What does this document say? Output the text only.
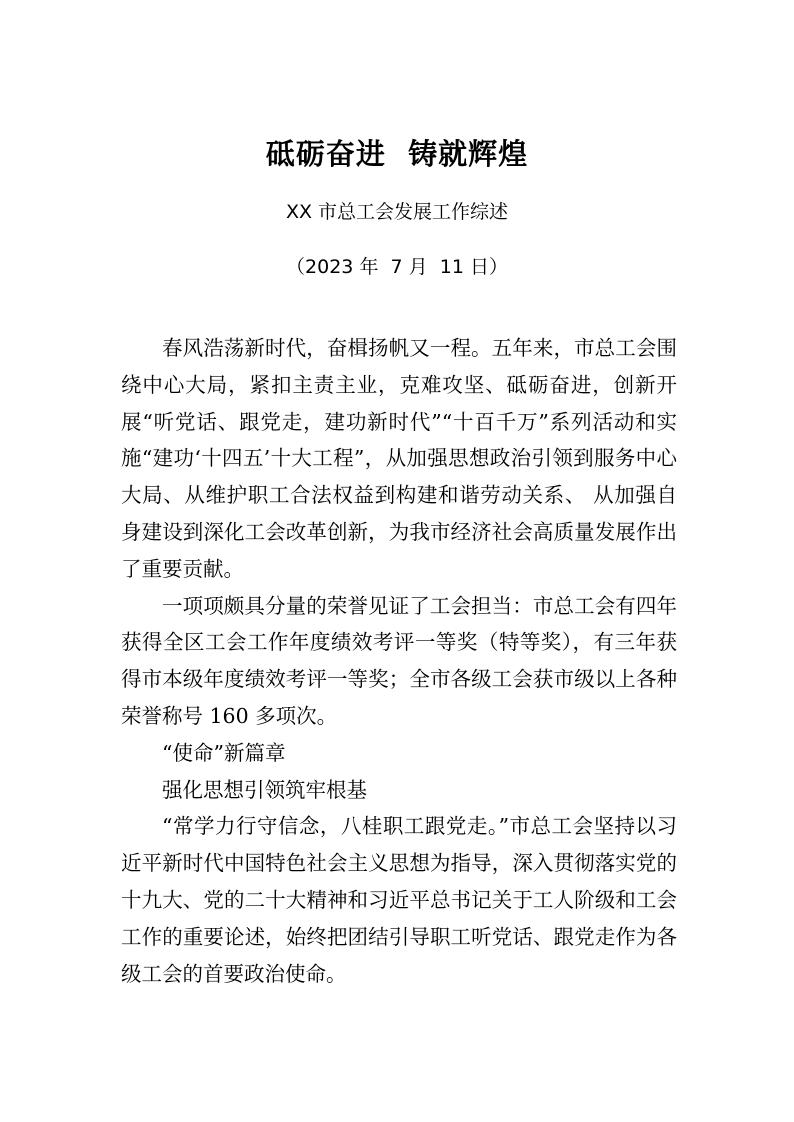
砥砺奋进  铸就辉煌
XX 市总工会发展工作综述
（2023 年  7 月  11 日）

春风浩荡新时代，奋楫扬帆又一程。五年来，市总工会围绕中心大局，紧扣主责主业，克难攻坚、砥砺奋进，创新开展“听党话、跟党走，建功新时代”“十百千万”系列活动和实施“建功‘十四五’十大工程”，从加强思想政治引领到服务中心大局、从维护职工合法权益到构建和谐劳动关系、 从加强自身建设到深化工会改革创新，为我市经济社会高质量发展作出了重要贡献。

一项项颇具分量的荣誉见证了工会担当：市总工会有四年获得全区工会工作年度绩效考评一等奖（特等奖），有三年获得市本级年度绩效考评一等奖；全市各级工会获市级以上各种荣誉称号 160 多项次。

“使命”新篇章

强化思想引领筑牢根基

“常学力行守信念，八桂职工跟党走。”市总工会坚持以习近平新时代中国特色社会主义思想为指导，深入贯彻落实党的十九大、党的二十大精神和习近平总书记关于工人阶级和工会工作的重要论述，始终把团结引导职工听党话、跟党走作为各级工会的首要政治使命。
